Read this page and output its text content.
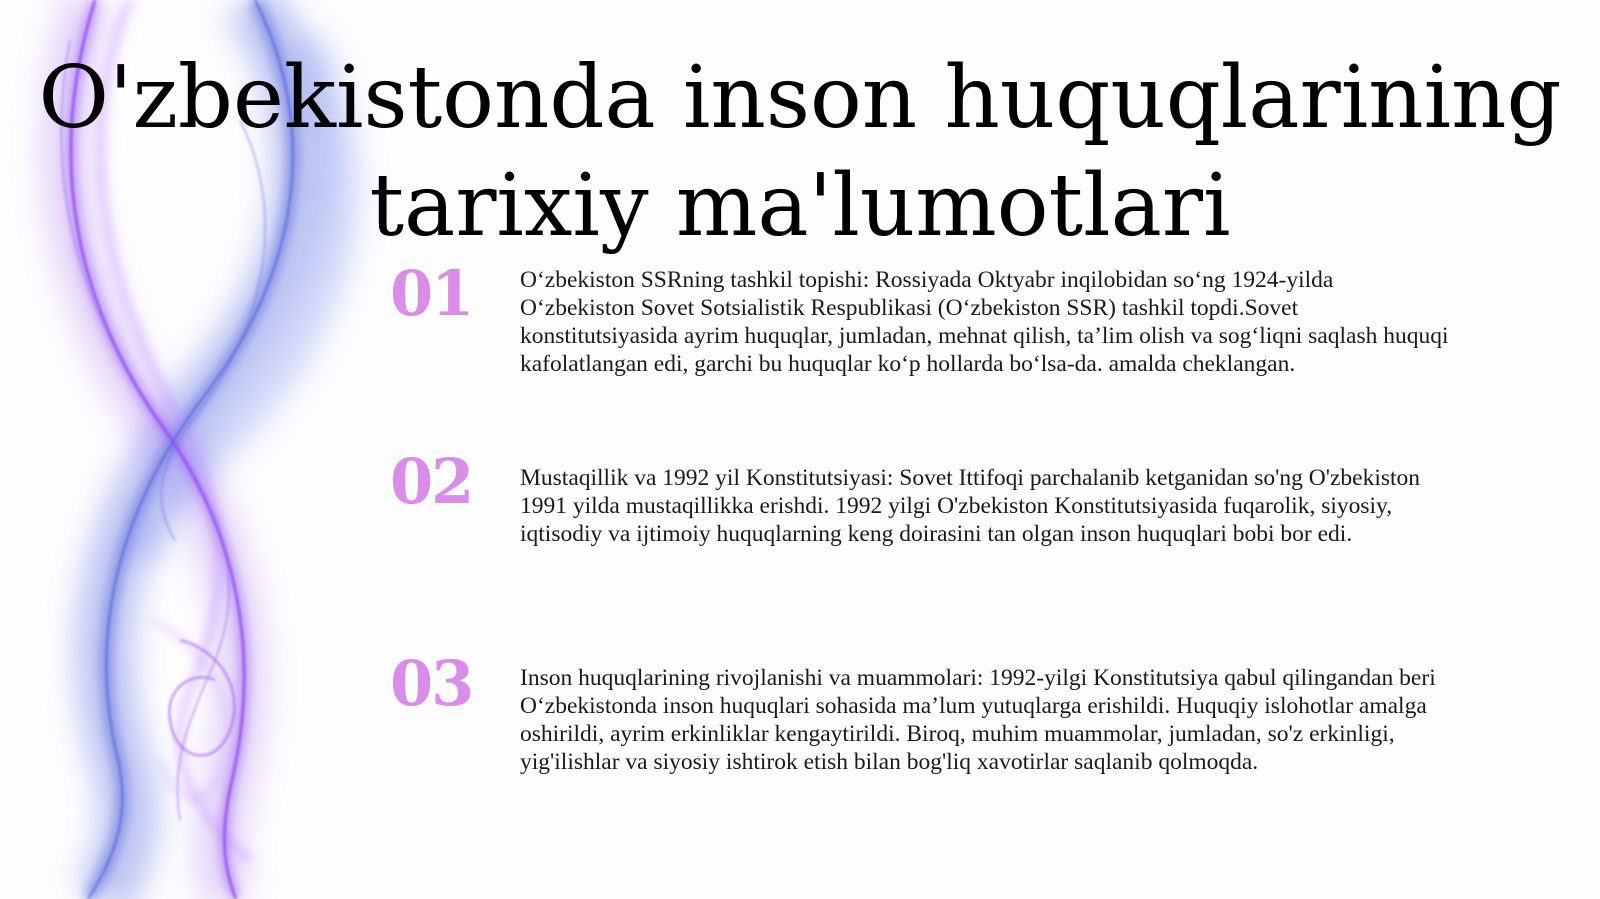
O'zbekistonda inson huquqlarining tarixiy ma'lumotlari
01	O‘zbekiston SSRning tashkil topishi: Rossiyada Oktyabr inqilobidan so‘ng 1924-yilda O‘zbekiston Sovet Sotsialistik Respublikasi (O‘zbekiston SSR) tashkil topdi.Sovet konstitutsiyasida ayrim huquqlar, jumladan, mehnat qilish, ta’lim olish va sog‘liqni saqlash huquqi kafolatlangan edi, garchi bu huquqlar ko‘p hollarda bo‘lsa-da. amalda cheklangan.

02	Mustaqillik va 1992 yil Konstitutsiyasi: Sovet Ittifoqi parchalanib ketganidan so'ng O'zbekiston 1991 yilda mustaqillikka erishdi. 1992 yilgi O'zbekiston Konstitutsiyasida fuqarolik, siyosiy, iqtisodiy va ijtimoiy huquqlarning keng doirasini tan olgan inson huquqlari bobi bor edi.

03	Inson huquqlarining rivojlanishi va muammolari: 1992-yilgi Konstitutsiya qabul qilingandan beri O‘zbekistonda inson huquqlari sohasida ma’lum yutuqlarga erishildi. Huquqiy islohotlar amalga oshirildi, ayrim erkinliklar kengaytirildi. Biroq, muhim muammolar, jumladan, so'z erkinligi, yig'ilishlar va siyosiy ishtirok etish bilan bog'liq xavotirlar saqlanib qolmoqda.
